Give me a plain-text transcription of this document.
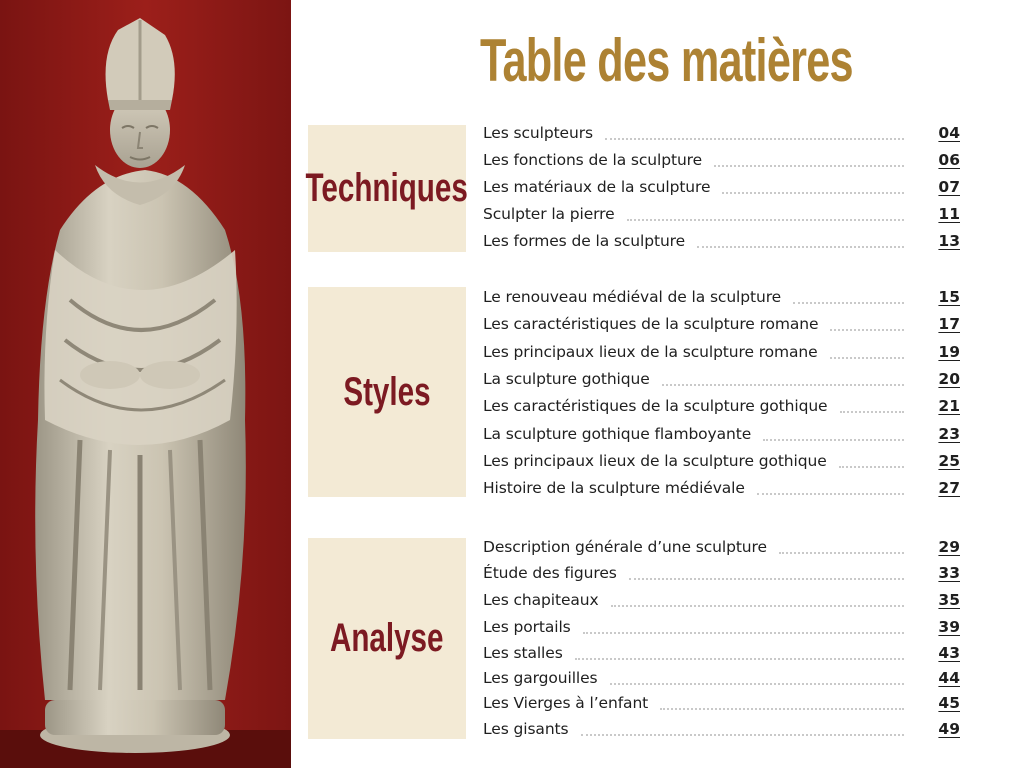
Table des matières
Techniques
Les sculpteurs	04
Les fonctions de la sculpture	06
Les matériaux de la sculpture	07
Sculpter la pierre	11
Les formes de la sculpture	13
Styles
Le renouveau médiéval de la sculpture	15
Les caractéristiques de la sculpture romane	17
Les principaux lieux de la sculpture romane	19
La sculpture gothique	20
Les caractéristiques de la sculpture gothique	21
La sculpture gothique flamboyante	23
Les principaux lieux de la sculpture gothique	25
Histoire de la sculpture médiévale	27
Analyse
Description générale d’une sculpture	29
Étude des figures	33
Les chapiteaux	35
Les portails	39
Les stalles	43
Les gargouilles	44
Les Vierges à l’enfant	45
Les gisants	49
